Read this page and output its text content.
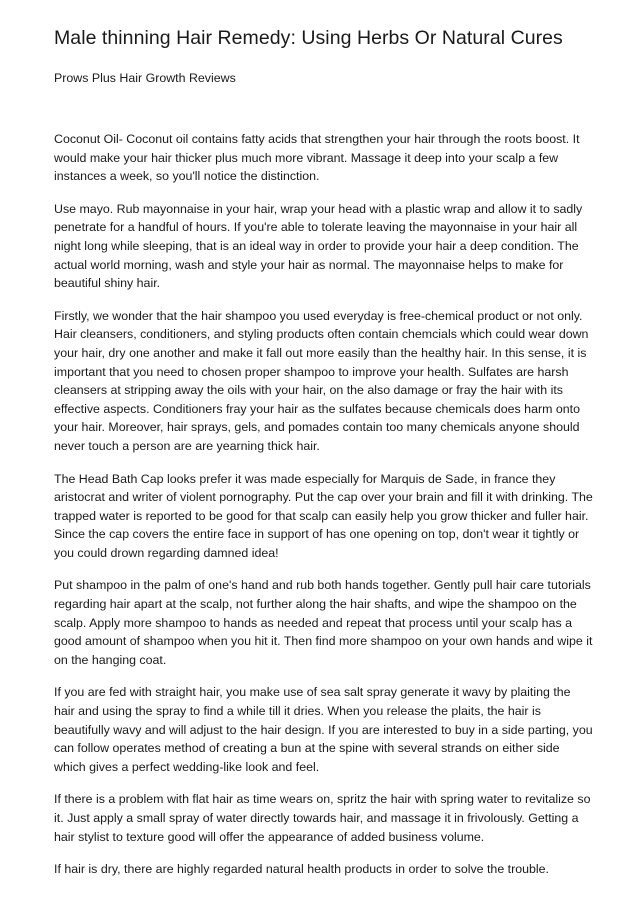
Male thinning Hair Remedy: Using Herbs Or Natural Cures
Prows Plus Hair Growth Reviews

Coconut Oil- Coconut oil contains fatty acids that strengthen your hair through the roots boost. It would make your hair thicker plus much more vibrant. Massage it deep into your scalp a few instances a week, so you'll notice the distinction.

Use mayo. Rub mayonnaise in your hair, wrap your head with a plastic wrap and allow it to sadly penetrate for a handful of hours. If you're able to tolerate leaving the mayonnaise in your hair all night long while sleeping, that is an ideal way in order to provide your hair a deep condition. The actual world morning, wash and style your hair as normal. The mayonnaise helps to make for beautiful shiny hair.

Firstly, we wonder that the hair shampoo you used everyday is free-chemical product or not only. Hair cleansers, conditioners, and styling products often contain chemcials which could wear down your hair, dry one another and make it fall out more easily than the healthy hair. In this sense, it is important that you need to chosen proper shampoo to improve your health. Sulfates are harsh cleansers at stripping away the oils with your hair, on the also damage or fray the hair with its effective aspects. Conditioners fray your hair as the sulfates because chemicals does harm onto your hair. Moreover, hair sprays, gels, and pomades contain too many chemicals anyone should never touch a person are are yearning thick hair.

The Head Bath Cap looks prefer it was made especially for Marquis de Sade, in france they aristocrat and writer of violent pornography. Put the cap over your brain and fill it with drinking. The trapped water is reported to be good for that scalp can easily help you grow thicker and fuller hair. Since the cap covers the entire face in support of has one opening on top, don't wear it tightly or you could drown regarding damned idea!

Put shampoo in the palm of one's hand and rub both hands together. Gently pull hair care tutorials regarding hair apart at the scalp, not further along the hair shafts, and wipe the shampoo on the scalp. Apply more shampoo to hands as needed and repeat that process until your scalp has a good amount of shampoo when you hit it. Then find more shampoo on your own hands and wipe it on the hanging coat.

If you are fed with straight hair, you make use of sea salt spray generate it wavy by plaiting the hair and using the spray to find a while till it dries. When you release the plaits, the hair is beautifully wavy and will adjust to the hair design. If you are interested to buy in a side parting, you can follow operates method of creating a bun at the spine with several strands on either side which gives a perfect wedding-like look and feel.

If there is a problem with flat hair as time wears on, spritz the hair with spring water to revitalize so it. Just apply a small spray of water directly towards hair, and massage it in frivolously. Getting a hair stylist to texture good will offer the appearance of added business volume.

If hair is dry, there are highly regarded natural health products in order to solve the trouble.
